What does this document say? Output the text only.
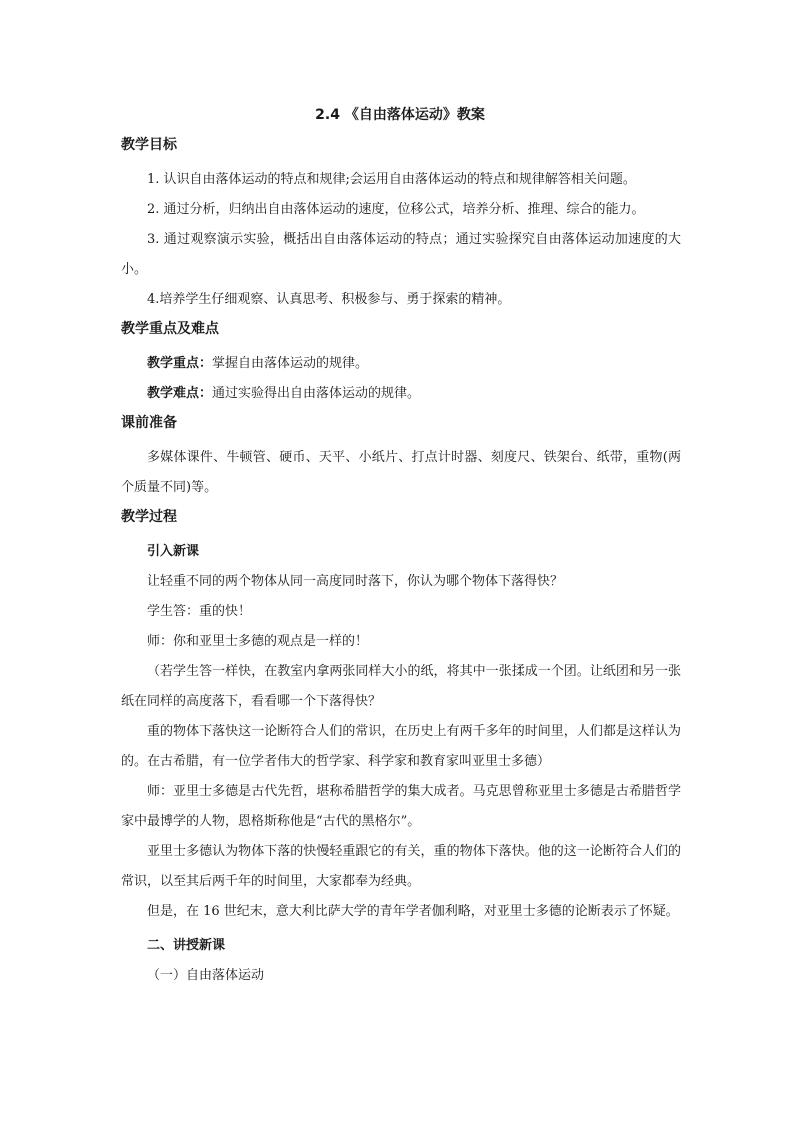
2.4 《自由落体运动》教案
教学目标

1. 认识自由落体运动的特点和规律;会运用自由落体运动的特点和规律解答相关问题。

2. 通过分析，归纳出自由落体运动的速度，位移公式，培养分析、推理、综合的能力。

3. 通过观察演示实验，概括出自由落体运动的特点；通过实验探究自由落体运动加速度的大小。

4.培养学生仔细观察、认真思考、积极参与、勇于探索的精神。

教学重点及难点

教学重点：掌握自由落体运动的规律。

教学难点：通过实验得出自由落体运动的规律。

课前准备

多媒体课件、牛顿管、硬币、天平、小纸片、打点计时器、刻度尺、铁架台、纸带，重物(两个质量不同)等。

教学过程
引入新课

让轻重不同的两个物体从同一高度同时落下，你认为哪个物体下落得快？

学生答：重的快！

师：你和亚里士多德的观点是一样的！

（若学生答一样快，在教室内拿两张同样大小的纸，将其中一张揉成一个团。让纸团和另一张纸在同样的高度落下，看看哪一个下落得快？

重的物体下落快这一论断符合人们的常识，在历史上有两千多年的时间里，人们都是这样认为的。在古希腊，有一位学者伟大的哲学家、科学家和教育家叫亚里士多德）

师：亚里士多德是古代先哲，堪称希腊哲学的集大成者。马克思曾称亚里士多德是古希腊哲学家中最博学的人物，恩格斯称他是“古代的黑格尔”。

亚里士多德认为物体下落的快慢轻重跟它的有关，重的物体下落快。他的这一论断符合人们的常识，以至其后两千年的时间里，大家都奉为经典。

但是，在 16 世纪末，意大利比萨大学的青年学者伽利略，对亚里士多德的论断表示了怀疑。

二、讲授新课

（一）自由落体运动
